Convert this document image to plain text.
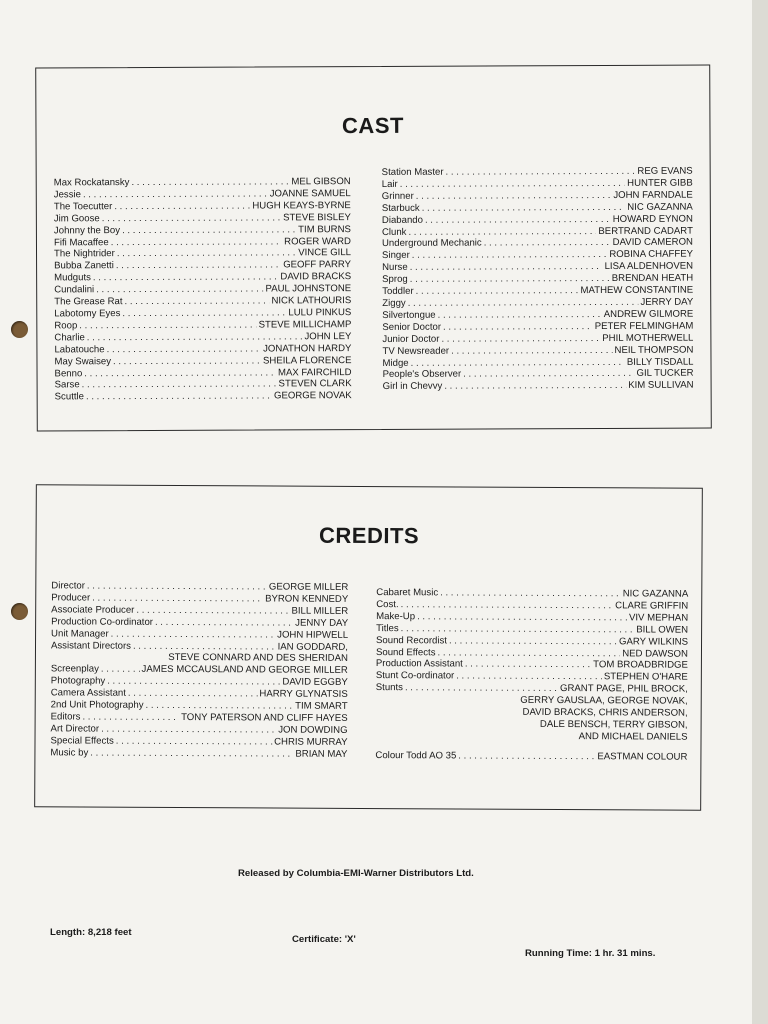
CAST
Max Rockatansky . . .	MEL GIBSON
Jessie . . .	JOANNE SAMUEL
The Toecutter . . .	HUGH KEAYS-BYRNE
Jim Goose . . .	STEVE BISLEY
Johnny the Boy . . .	TIM BURNS
Fifi Macaffee . . .	ROGER WARD
The Nightrider . . .	VINCE GILL
Bubba Zanetti . . .	GEOFF PARRY
Mudguts . . .	DAVID BRACKS
Cundalini . . .	PAUL JOHNSTONE
The Grease Rat . . .	NICK LATHOURIS
Labotomy Eyes . . .	LULU PINKUS
Roop . . .	STEVE MILLICHAMP
Charlie . . .	JOHN LEY
Labatouche . . .	JONATHON HARDY
May Swaisey . . .	SHEILA FLORENCE
Benno . . .	MAX FAIRCHILD
Sarse . . .	STEVEN CLARK
Scuttle . . .	GEORGE NOVAK
Station Master . . .	REG EVANS
Lair . . .	HUNTER GIBB
Grinner . . .	JOHN FARNDALE
Starbuck . . .	NIC GAZANNA
Diabando . . .	HOWARD EYNON
Clunk . . .	BERTRAND CADART
Underground Mechanic . . .	DAVID CAMERON
Singer . . .	ROBINA CHAFFEY
Nurse . . .	LISA ALDENHOVEN
Sprog . . .	BRENDAN HEATH
Toddler . . .	MATHEW CONSTANTINE
Ziggy . . .	JERRY DAY
Silvertongue . . .	ANDREW GILMORE
Senior Doctor . . .	PETER FELMINGHAM
Junior Doctor . . .	PHIL MOTHERWELL
TV Newsreader . . .	NEIL THOMPSON
Midge . . .	BILLY TISDALL
People's Observer . . .	GIL TUCKER
Girl in Chevvy . . .	KIM SULLIVAN
CREDITS
Director . . .	GEORGE MILLER
Producer . . .	BYRON KENNEDY
Associate Producer . . .	BILL MILLER
Production Co-ordinator . . .	JENNY DAY
Unit Manager . . .	JOHN HIPWELL
Assistant Directors . . .	IAN GODDARD,
STEVE CONNARD AND DES SHERIDAN
Screenplay . . .	JAMES MCCAUSLAND AND GEORGE MILLER
Photography . . .	DAVID EGGBY
Camera Assistant . . .	HARRY GLYNATSIS
2nd Unit Photography . . .	TIM SMART
Editors . . .	TONY PATERSON AND CLIFF HAYES
Art Director . . .	JON DOWDING
Special Effects . . .	CHRIS MURRAY
Music by . . .	BRIAN MAY
Cabaret Music . . .	NIC GAZANNA
Cost. . . .	CLARE GRIFFIN
Make-Up . . .	VIV MEPHAN
Titles . . .	BILL OWEN
Sound Recordist . . .	GARY WILKINS
Sound Effects . . .	NED DAWSON
Production Assistant . . .	TOM BROADBRIDGE
Stunt Co-ordinator . . .	STEPHEN O'HARE
Stunts . . .	GRANT PAGE, PHIL BROCK,
GERRY GAUSLAA, GEORGE NOVAK,
DAVID BRACKS, CHRIS ANDERSON,
DALE BENSCH, TERRY GIBSON,
AND MICHAEL DANIELS
Colour Todd AO 35 . . .	EASTMAN COLOUR
Released by Columbia-EMI-Warner Distributors Ltd.
Length: 8,218 feet
Certificate: 'X'
Running Time: 1 hr. 31 mins.
